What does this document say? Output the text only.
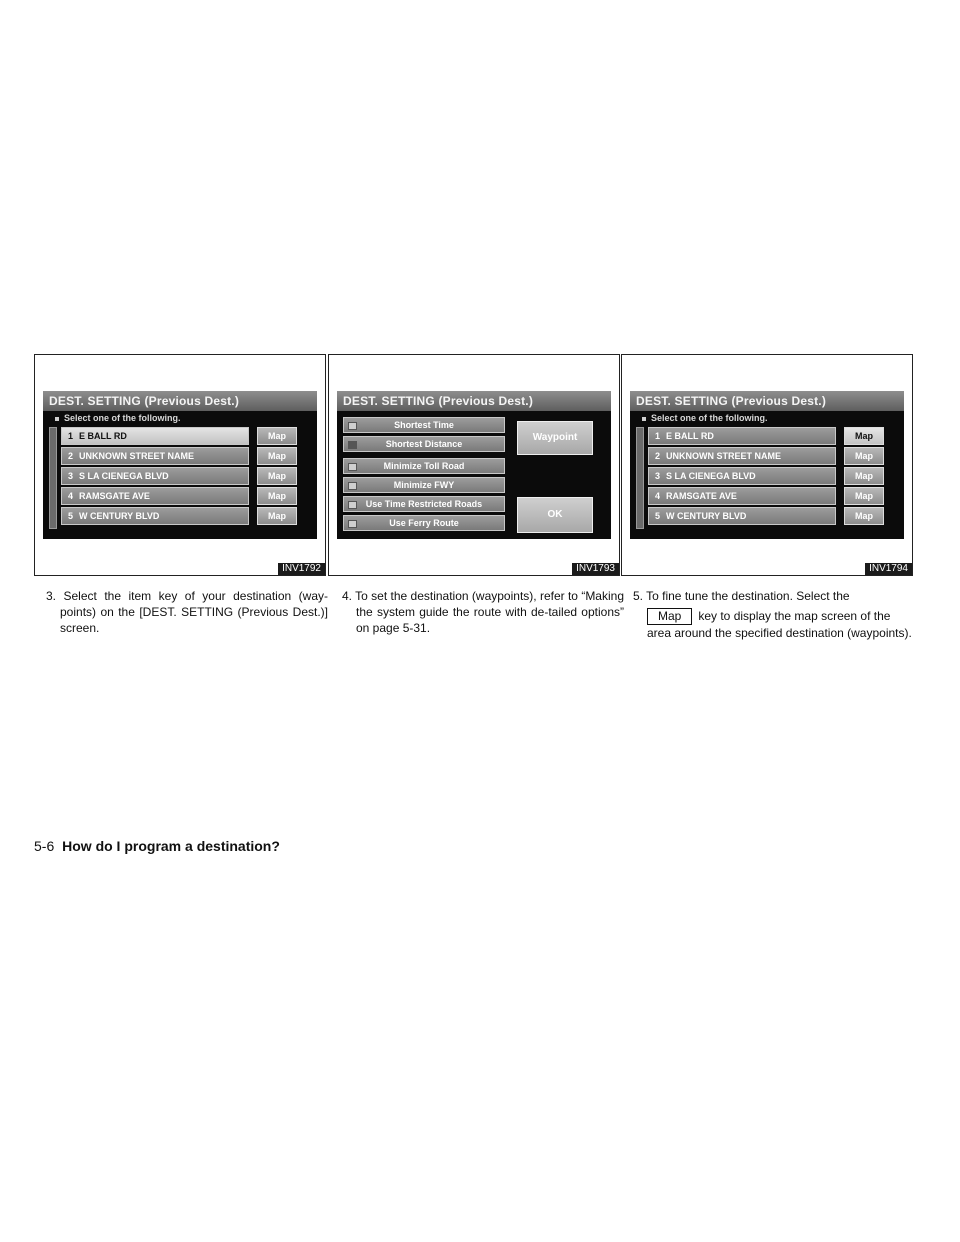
DEST. SETTING (Previous Dest.)
Select one of the following.
1 E BALL RD	Map
2 UNKNOWN STREET NAME	Map
3 S LA CIENEGA BLVD	Map
4 RAMSGATE AVE	Map
5 W CENTURY BLVD	Map
INV1792
DEST. SETTING (Previous Dest.)
Shortest Time
Shortest Distance
Minimize Toll Road
Minimize FWY
Use Time Restricted Roads
Use Ferry Route
Waypoint
OK
INV1793
DEST. SETTING (Previous Dest.)
Select one of the following.
1 E BALL RD	Map
2 UNKNOWN STREET NAME	Map
3 S LA CIENEGA BLVD	Map
4 RAMSGATE AVE	Map
5 W CENTURY BLVD	Map
INV1794
3. Select the item key of your destination (way-points) on the [DEST. SETTING (Previous Dest.)] screen.
4. To set the destination (waypoints), refer to “Making the system guide the route with de-tailed options” on page 5-31.
5. To fine tune the destination. Select the
Map key to display the map screen of the area around the specified destination (waypoints).
5-6 How do I program a destination?
